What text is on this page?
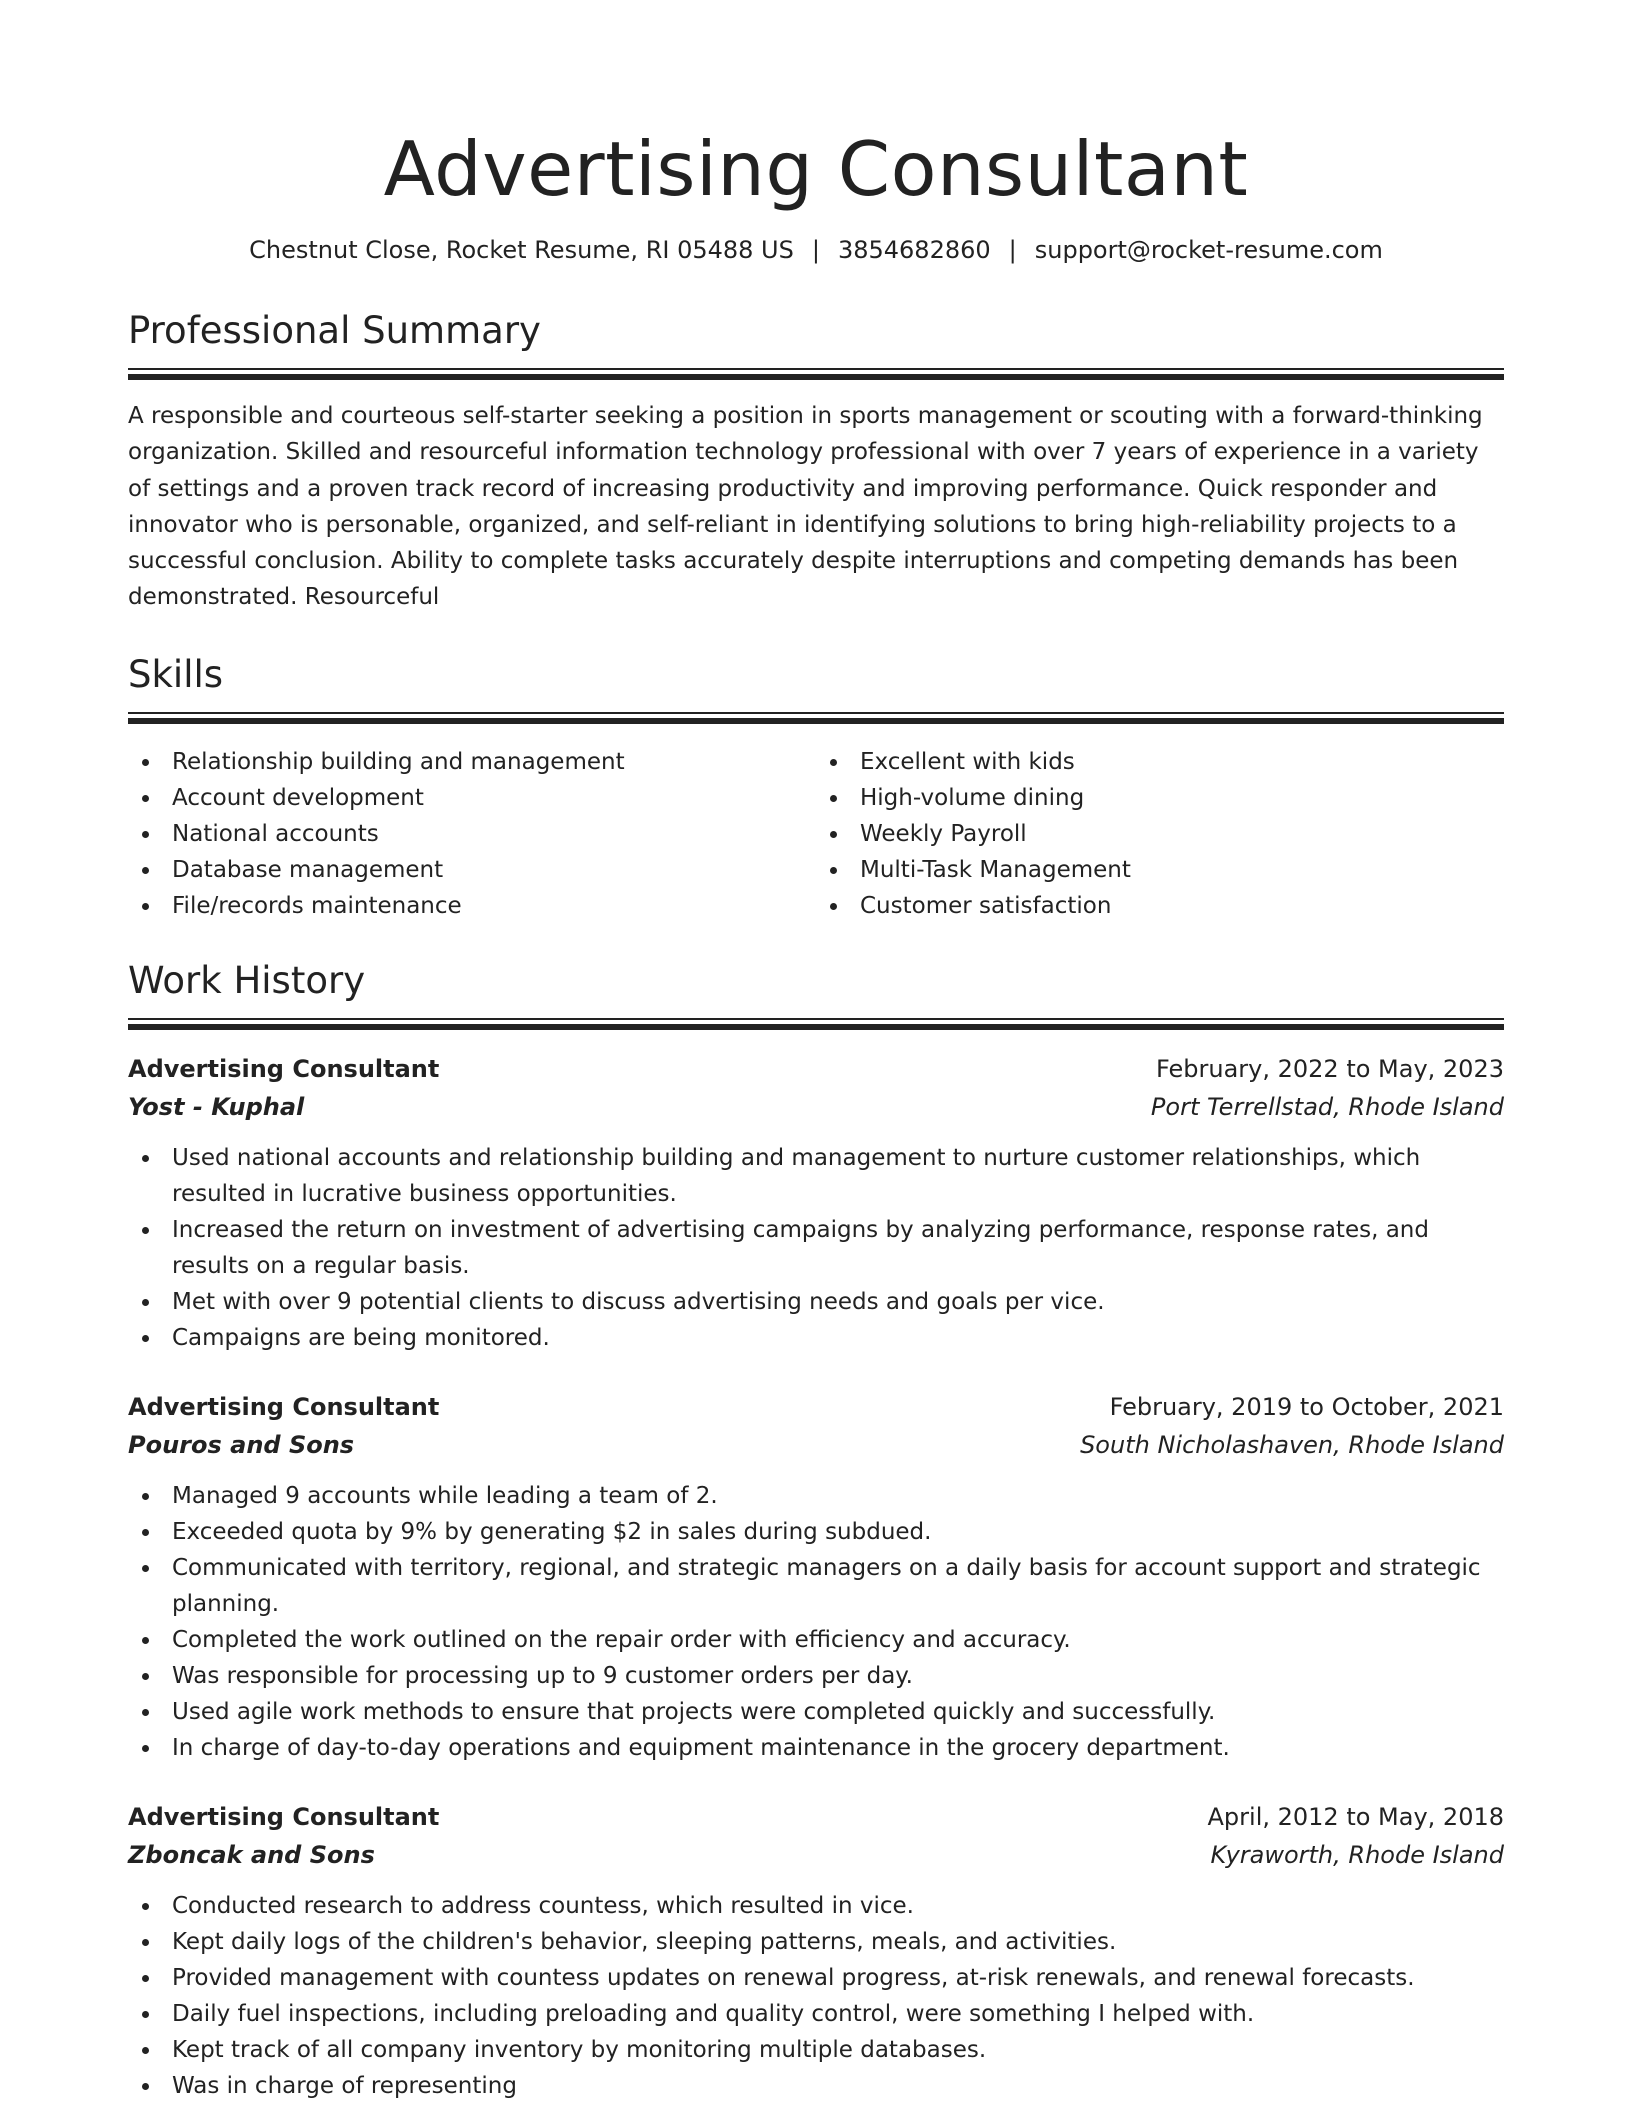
Advertising Consultant
Chestnut Close, Rocket Resume, RI 05488 US | 3854682860 | support@rocket-resume.com
Professional Summary

A responsible and courteous self-starter seeking a position in sports management or scouting with a forward-thinking organization. Skilled and resourceful information technology professional with over 7 years of experience in a variety of settings and a proven track record of increasing productivity and improving performance. Quick responder and innovator who is personable, organized, and self-reliant in identifying solutions to bring high-reliability projects to a successful conclusion. Ability to complete tasks accurately despite interruptions and competing demands has been demonstrated. Resourceful

Skills
Relationship building and management
Account development
National accounts
Database management
File/records maintenance
Excellent with kids
High-volume dining
Weekly Payroll
Multi-Task Management
Customer satisfaction
Work History
Advertising Consultant	February, 2022 to May, 2023
Yost - Kuphal	Port Terrellstad, Rhode Island
Used national accounts and relationship building and management to nurture customer relationships, which resulted in lucrative business opportunities.
Increased the return on investment of advertising campaigns by analyzing performance, response rates, and results on a regular basis.
Met with over 9 potential clients to discuss advertising needs and goals per vice.
Campaigns are being monitored.
Advertising Consultant	February, 2019 to October, 2021
Pouros and Sons	South Nicholashaven, Rhode Island
Managed 9 accounts while leading a team of 2.
Exceeded quota by 9% by generating $2 in sales during subdued.
Communicated with territory, regional, and strategic managers on a daily basis for account support and strategic planning.
Completed the work outlined on the repair order with efficiency and accuracy.
Was responsible for processing up to 9 customer orders per day.
Used agile work methods to ensure that projects were completed quickly and successfully.
In charge of day-to-day operations and equipment maintenance in the grocery department.
Advertising Consultant	April, 2012 to May, 2018
Zboncak and Sons	Kyraworth, Rhode Island
Conducted research to address countess, which resulted in vice.
Kept daily logs of the children's behavior, sleeping patterns, meals, and activities.
Provided management with countess updates on renewal progress, at-risk renewals, and renewal forecasts.
Daily fuel inspections, including preloading and quality control, were something I helped with.
Kept track of all company inventory by monitoring multiple databases.
Was in charge of representing
